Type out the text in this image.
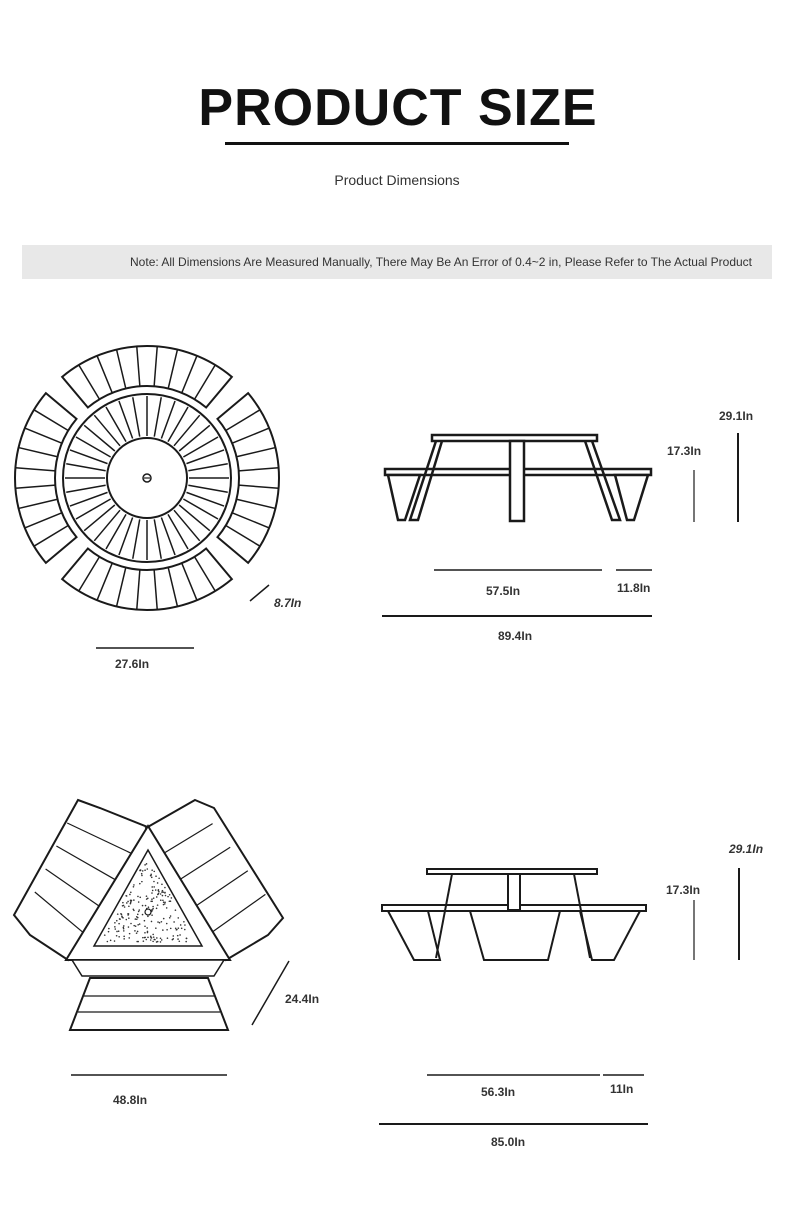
PRODUCT SIZE
Product Dimensions
Note: All Dimensions Are Measured Manually, There May Be An Error of 0.4~2 in, Please Refer to The Actual Product
8.7In
27.6In
29.1In
17.3In
57.5In	11.8In
89.4In
24.4In
48.8In
29.1In
17.3In
56.3In	11In
85.0In
